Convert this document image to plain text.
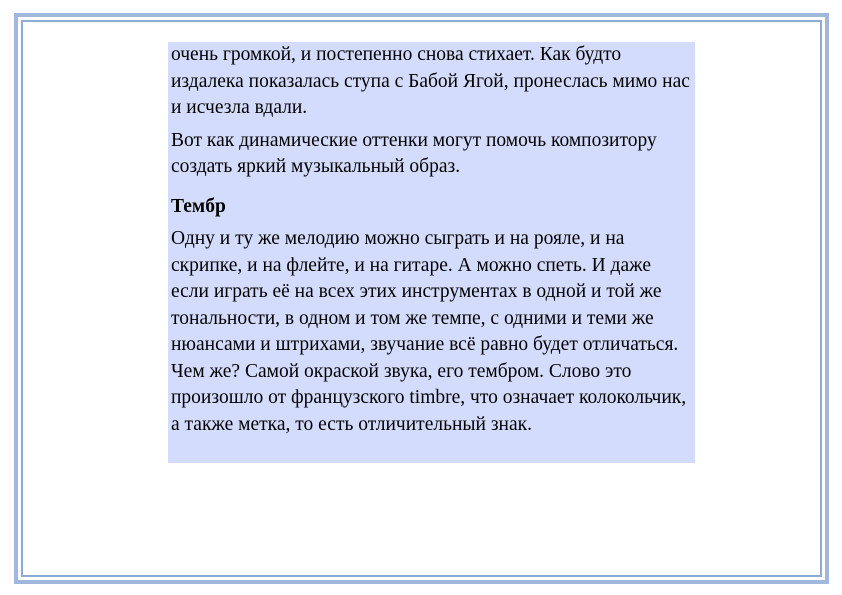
очень громкой, и постепенно снова стихает. Как будто издалека показалась ступа с Бабой Ягой, пронеслась мимо нас и исчезла вдали.

Вот как динамические оттенки могут помочь композитору создать яркий музыкальный образ.

Тембр

Одну и ту же мелодию можно сыграть и на рояле, и на скрипке, и на флейте, и на гитаре. А можно спеть. И даже если играть её на всех этих инструментах в одной и той же тональности, в одном и том же темпе, с одними и теми же нюансами и штрихами, звучание всё равно будет отличаться. Чем же? Самой окраской звука, его тембром. Слово это произошло от французского timbre, что означает колокольчик, а также метка, то есть отличительный знак.
